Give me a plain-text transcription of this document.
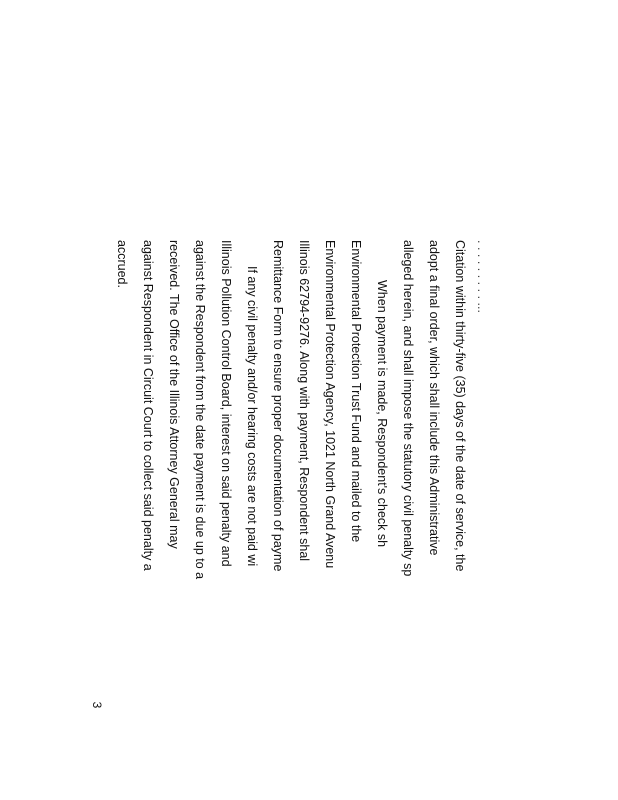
. . . . . . . . . ...
Citation within thirty-five (35) days of the date of service, the
adopt a final order, which shall include this Administrative
alleged herein, and shall impose the statutory civil penalty sp
When payment is made, Respondent's check sh
Environmental Protection Trust Fund and mailed to the
Environmental Protection Agency, 1021 North Grand Avenu
Illinois 62794-9276. Along with payment, Respondent shal
Remittance Form to ensure proper documentation of payme
If any civil penalty and/or hearing costs are not paid wi
Illinois Pollution Control Board, interest on said penalty and
against the Respondent from the date payment is due up to a
received. The Office of the Illinois Attorney General may
against Respondent in Circuit Court to collect said penalty a
accrued.
3
